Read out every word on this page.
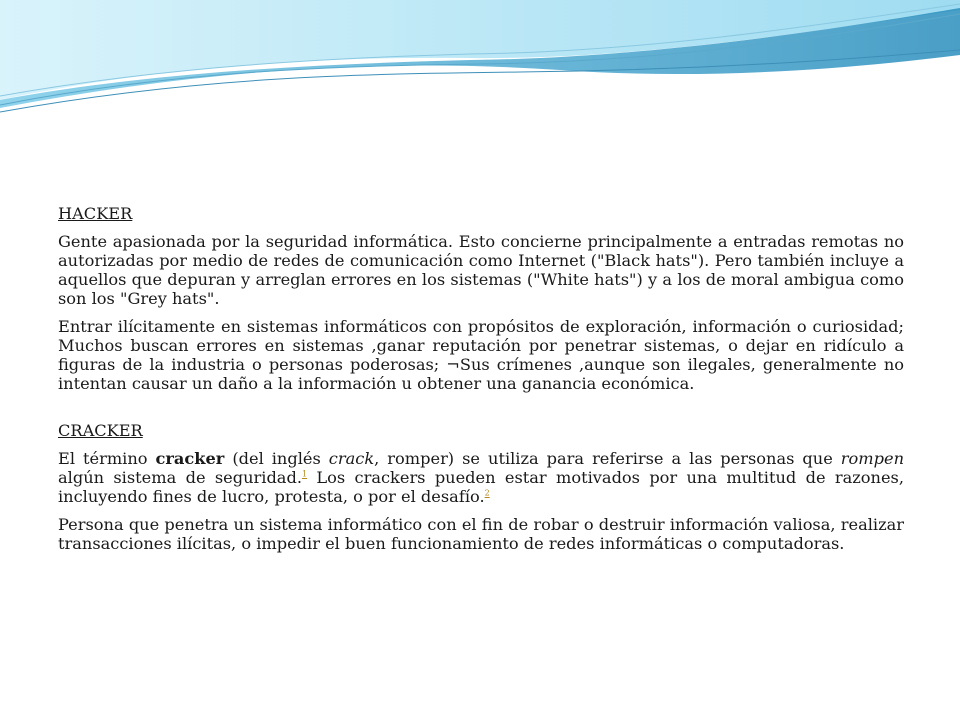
HACKER

Gente apasionada por la seguridad informática. Esto concierne principalmente a entradas remotas no autorizadas por medio de redes de comunicación como Internet ("Black hats"). Pero también incluye a aquellos que depuran y arreglan errores en los sistemas ("White hats") y a los de moral ambigua como son los "Grey hats".

Entrar ilícitamente en sistemas informáticos con propósitos de exploración, información o curiosidad; Muchos buscan errores en sistemas ,ganar reputación por penetrar sistemas, o dejar en ridículo a figuras de la industria o personas poderosas; ¬Sus crímenes ,aunque son ilegales, generalmente no intentan causar un daño a la información u obtener una ganancia económica.

CRACKER

El término cracker (del inglés crack, romper) se utiliza para referirse a las personas que rompen algún sistema de seguridad.$^1$ Los crackers pueden estar motivados por una multitud de razones, incluyendo fines de lucro, protesta, o por el desafío.$^2$

Persona que penetra un sistema informático con el fin de robar o destruir información valiosa, realizar transacciones ilícitas, o impedir el buen funcionamiento de redes informáticas o computadoras.
